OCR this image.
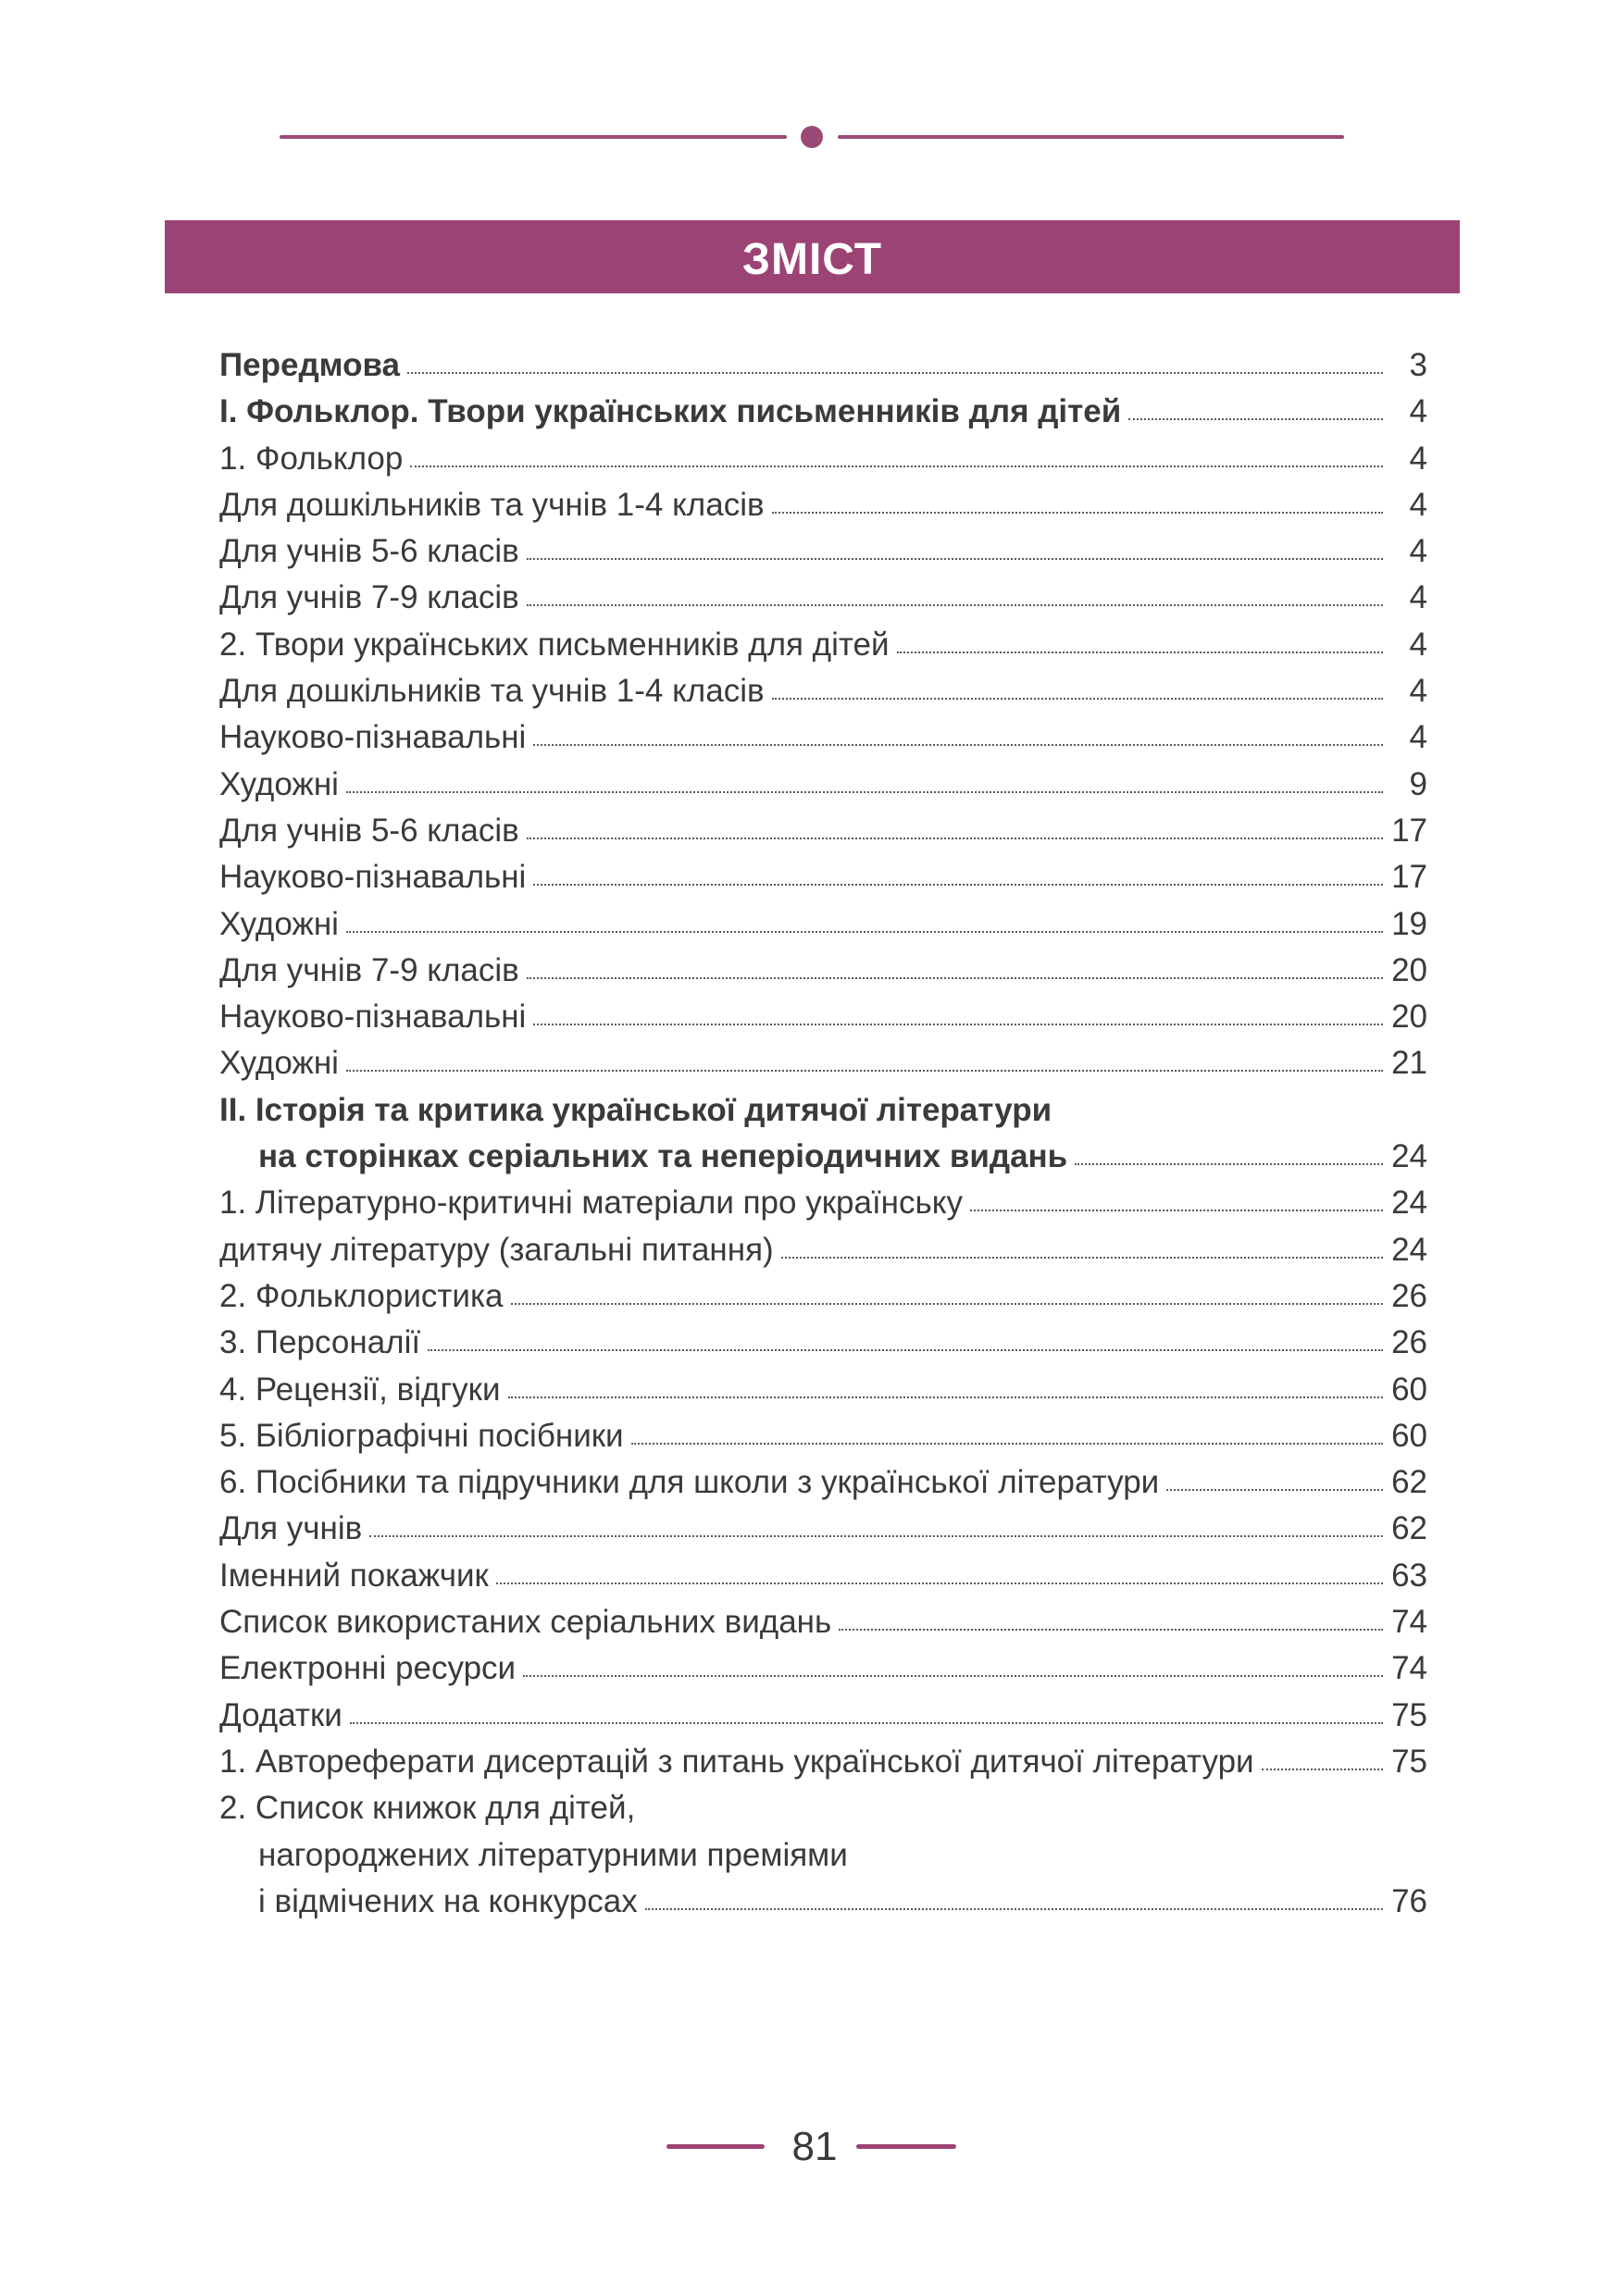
ЗМІСТ
Передмова	3
І. Фольклор. Твори українських письменників для дітей	4
1. Фольклор	4
Для дошкільників та учнів 1-4 класів	4
Для учнів 5-6 класів	4
Для учнів 7-9 класів	4
2. Твори українських письменників для дітей	4
Для дошкільників та учнів 1-4 класів	4
Науково-пізнавальні	4
Художні	9
Для учнів 5-6 класів	17
Науково-пізнавальні	17
Художні	19
Для учнів 7-9 класів	20
Науково-пізнавальні	20
Художні	21
ІІ. Історія та критика української дитячої літератури
на сторінках серіальних та неперіодичних видань	24
1. Літературно-критичні матеріали про українську	24
дитячу літературу (загальні питання)	24
2. Фольклористика	26
3. Персоналії	26
4. Рецензії, відгуки	60
5. Бібліографічні посібники	60
6. Посібники та підручники для школи з української літератури	62
Для учнів	62
Іменний покажчик	63
Список використаних серіальних видань	74
Електронні ресурси	74
Додатки	75
1. Автореферати дисертацій з питань української дитячої літератури	75
2. Список книжок для дітей,
нагороджених літературними преміями
і відмічених на конкурсах	76
81
